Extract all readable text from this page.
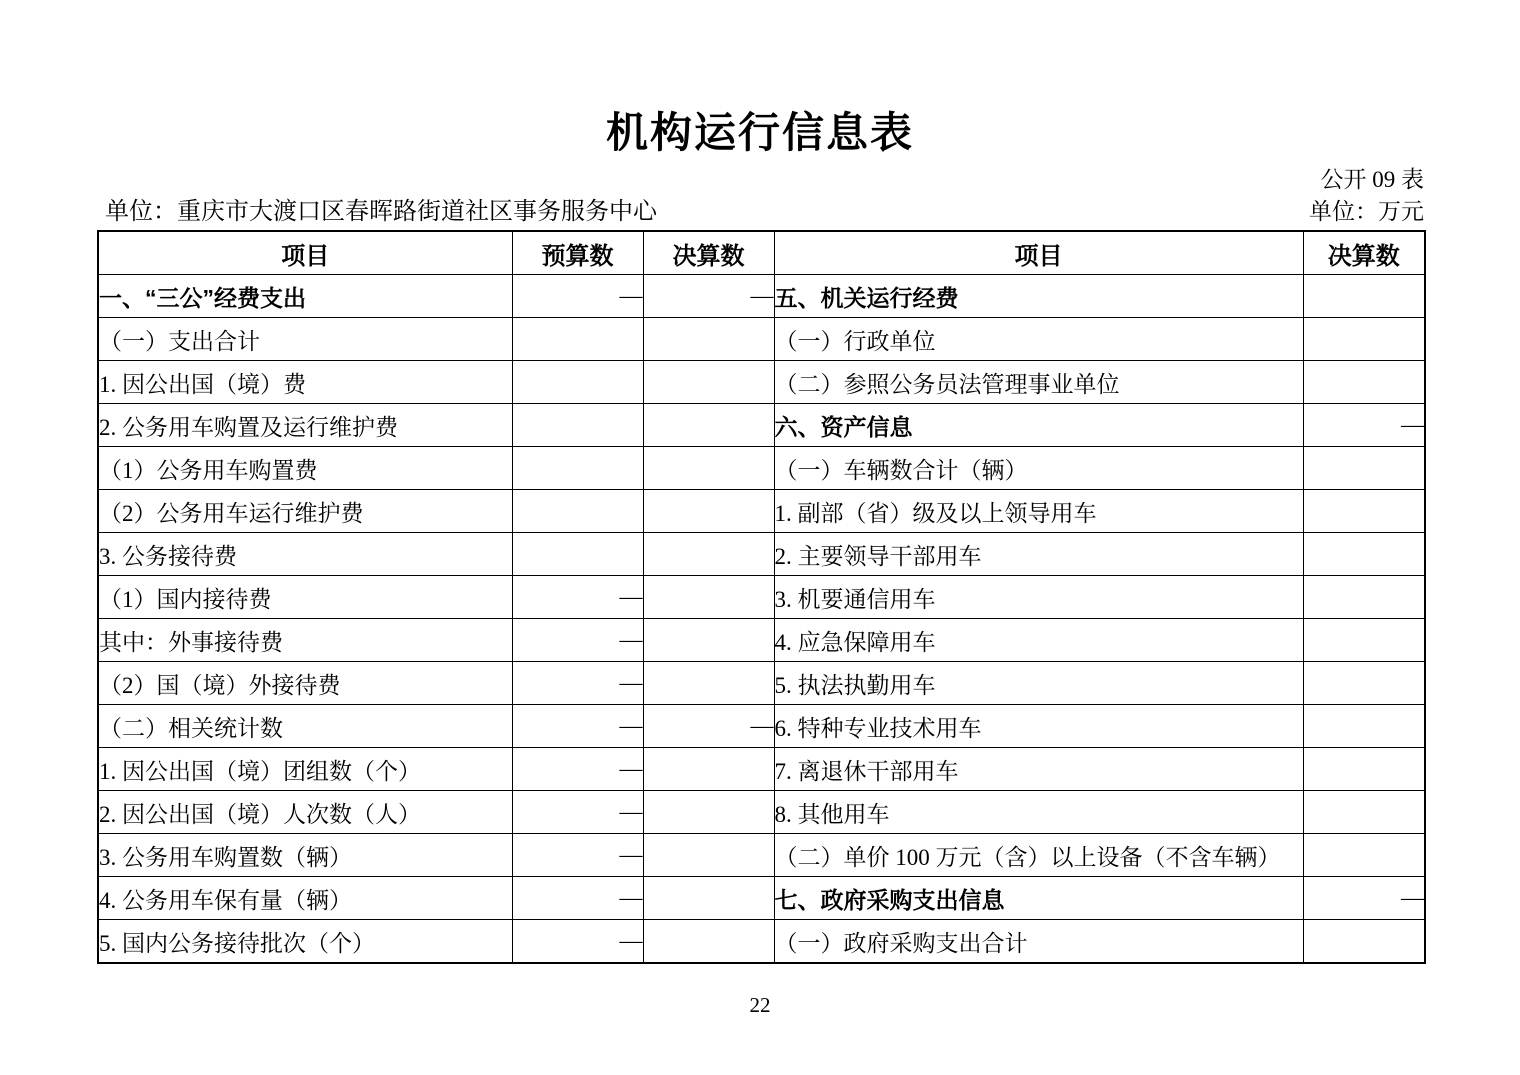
机构运行信息表
公开 09 表
单位：重庆市大渡口区春晖路街道社区事务服务中心	单位：万元
项目	预算数	决算数	项目	决算数
一、“三公”经费支出	—	—	五、机关运行经费	
（一）支出合计			（一）行政单位	
1. 因公出国（境）费			（二）参照公务员法管理事业单位	
2. 公务用车购置及运行维护费			六、资产信息	—
（1）公务用车购置费			（一）车辆数合计（辆）	
（2）公务用车运行维护费			1. 副部（省）级及以上领导用车	
3. 公务接待费			2. 主要领导干部用车	
（1）国内接待费	—		3. 机要通信用车	
其中：外事接待费	—		4. 应急保障用车	
（2）国（境）外接待费	—		5. 执法执勤用车	
（二）相关统计数	—	—	6. 特种专业技术用车	
1. 因公出国（境）团组数（个）	—		7. 离退休干部用车	
2. 因公出国（境）人次数（人）	—		8. 其他用车	
3. 公务用车购置数（辆）	—		（二）单价 100 万元（含）以上设备（不含车辆）	
4. 公务用车保有量（辆）	—		七、政府采购支出信息	—
5. 国内公务接待批次（个）	—		（一）政府采购支出合计	
22
